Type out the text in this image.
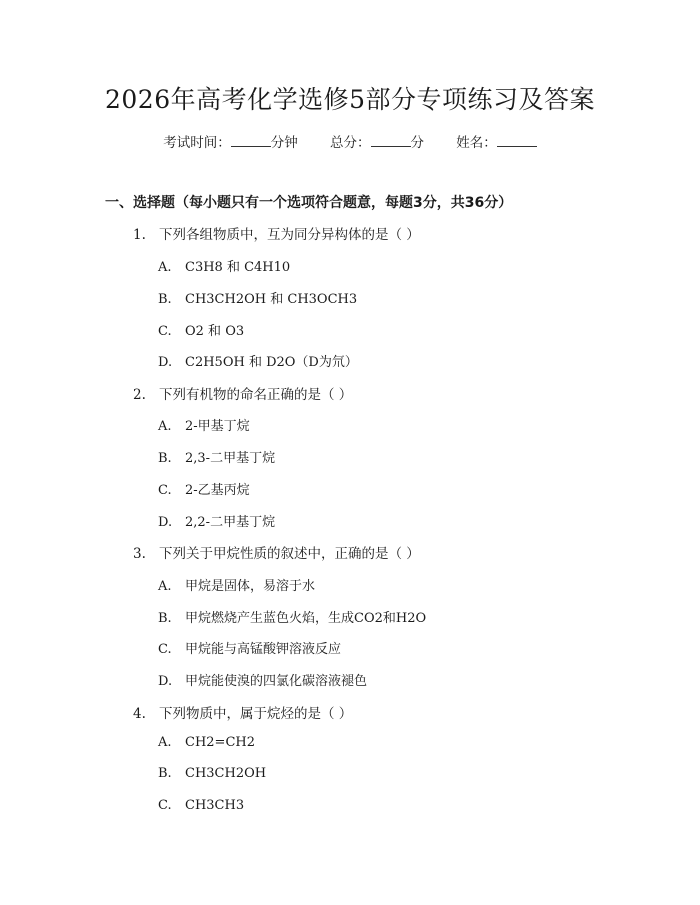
2026年高考化学选修5部分专项练习及答案
考试时间：	分钟 总分：	分 姓名：
一、选择题（每小题只有一个选项符合题意，每题3分，共36分）
1. 下列各组物质中，互为同分异构体的是（ ）
A. C3H8 和 C4H10
B. CH3CH2OH 和 CH3OCH3
C. O2 和 O3
D. C2H5OH 和 D2O（D为氘）
2. 下列有机物的命名正确的是（ ）
A. 2-甲基丁烷
B. 2,3-二甲基丁烷
C. 2-乙基丙烷
D. 2,2-二甲基丁烷
3. 下列关于甲烷性质的叙述中，正确的是（ ）
A. 甲烷是固体，易溶于水
B. 甲烷燃烧产生蓝色火焰，生成CO2和H2O
C. 甲烷能与高锰酸钾溶液反应
D. 甲烷能使溴的四氯化碳溶液褪色
4. 下列物质中，属于烷烃的是（ ）
A. CH2=CH2
B. CH3CH2OH
C. CH3CH3
